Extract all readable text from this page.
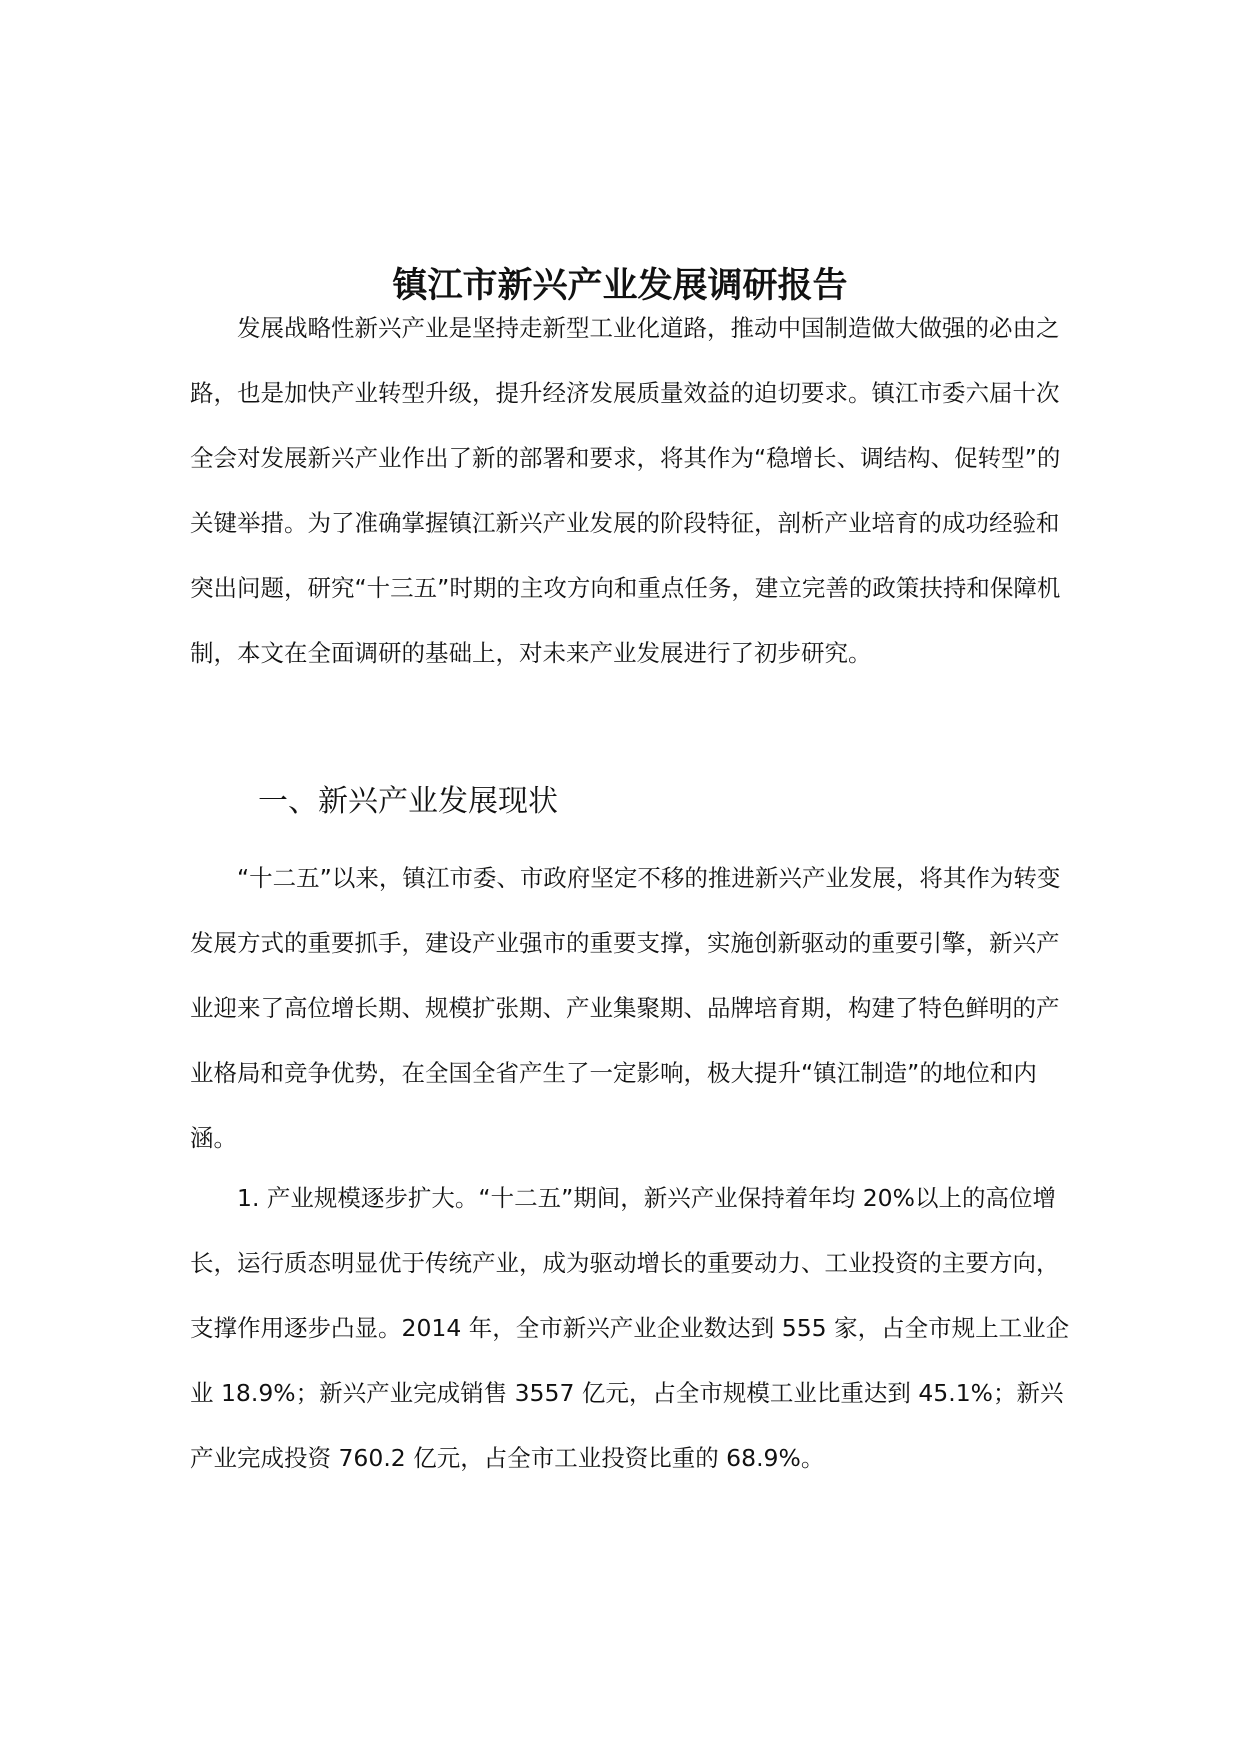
镇江市新兴产业发展调研报告

发展战略性新兴产业是坚持走新型工业化道路，推动中国制造做大做强的必由之路，也是加快产业转型升级，提升经济发展质量效益的迫切要求。镇江市委六届十次全会对发展新兴产业作出了新的部署和要求，将其作为“稳增长、调结构、促转型”的关键举措。为了准确掌握镇江新兴产业发展的阶段特征，剖析产业培育的成功经验和突出问题，研究“十三五”时期的主攻方向和重点任务，建立完善的政策扶持和保障机制，本文在全面调研的基础上，对未来产业发展进行了初步研究。

一、新兴产业发展现状

“十二五”以来，镇江市委、市政府坚定不移的推进新兴产业发展，将其作为转变发展方式的重要抓手，建设产业强市的重要支撑，实施创新驱动的重要引擎，新兴产业迎来了高位增长期、规模扩张期、产业集聚期、品牌培育期，构建了特色鲜明的产业格局和竞争优势，在全国全省产生了一定影响，极大提升“镇江制造”的地位和内涵。

1. 产业规模逐步扩大。“十二五”期间，新兴产业保持着年均 20%以上的高位增长，运行质态明显优于传统产业，成为驱动增长的重要动力、工业投资的主要方向，支撑作用逐步凸显。2014 年，全市新兴产业企业数达到 555 家，占全市规上工业企业 18.9%；新兴产业完成销售 3557 亿元，占全市规模工业比重达到 45.1%；新兴产业完成投资 760.2 亿元，占全市工业投资比重的 68.9%。
